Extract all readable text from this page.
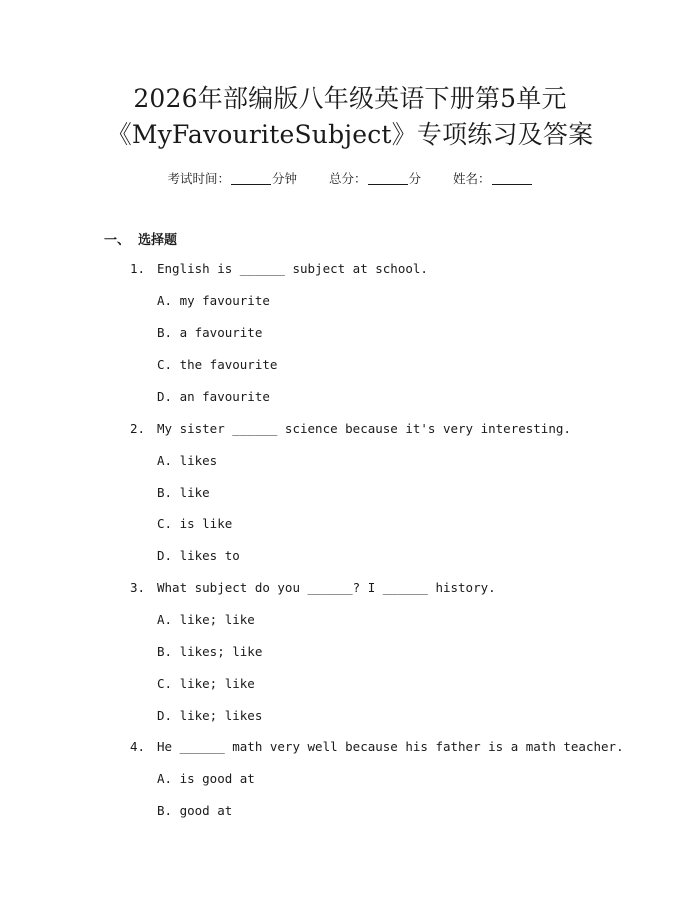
2026年部编版八年级英语下册第5单元
《MyFavouriteSubject》专项练习及答案
考试时间：	分钟	总分：	分	姓名：
一、 选择题
1. English is ______ subject at school.
A. my favourite
B. a favourite
C. the favourite
D. an favourite
2. My sister ______ science because it's very interesting.
A. likes
B. like
C. is like
D. likes to
3. What subject do you ______? I ______ history.
A. like; like
B. likes; like
C. like; like
D. like; likes
4. He ______ math very well because his father is a math teacher.
A. is good at
B. good at
